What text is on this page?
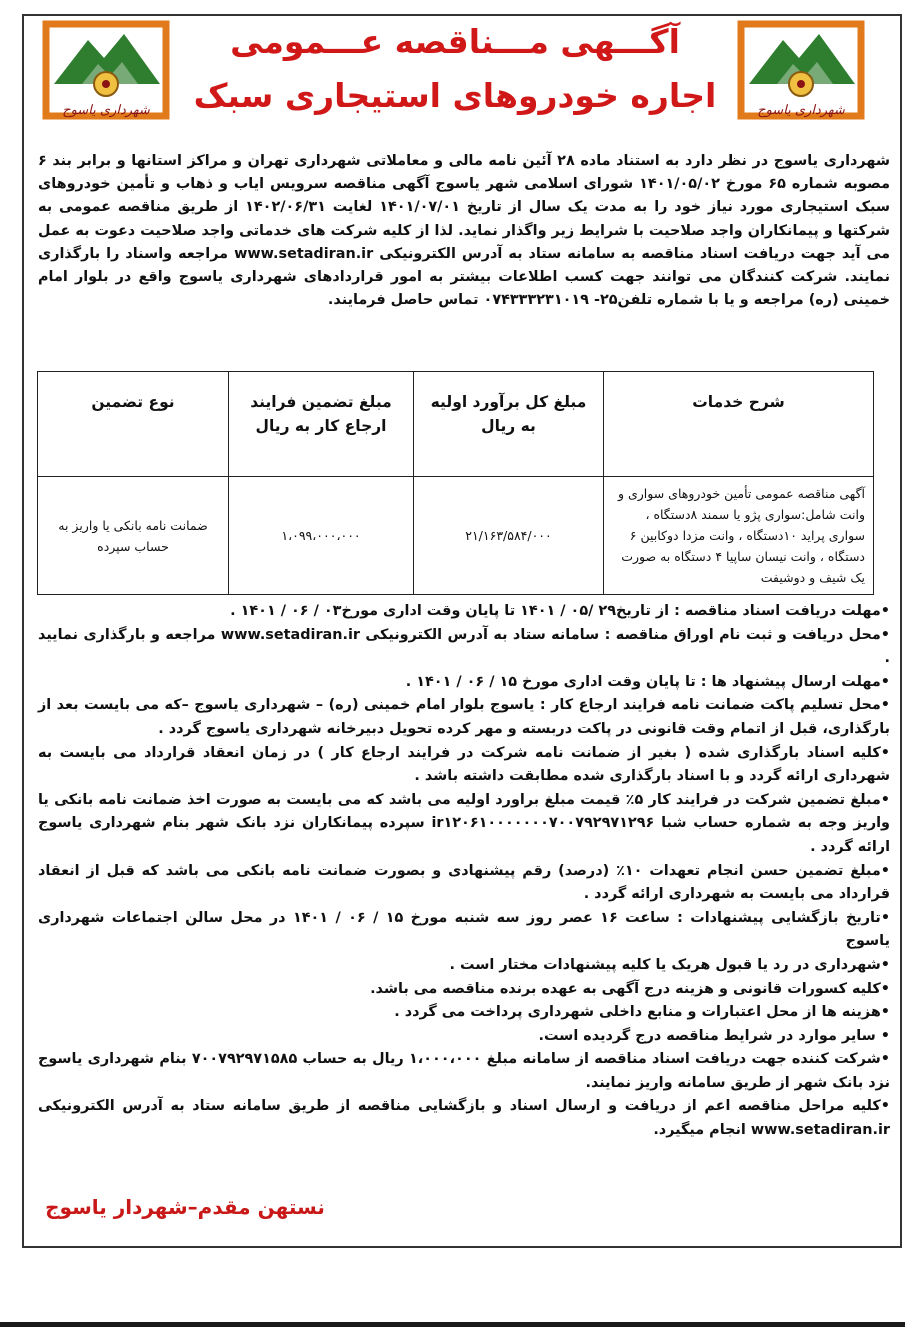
شهرداری یاسوج	شهرداری یاسوج
آگـــهی مـــناقصه عـــمومی
اجاره خودروهای استیجاری سبک

شهرداری یاسوج در نظر دارد به استناد ماده ۲۸ آئین نامه مالی و معاملاتی شهرداری تهران و مراکز استانها و برابر بند ۶ مصوبه شماره ۶۵ مورخ ۱۴۰۱/۰۵/۰۲ شورای اسلامی شهر یاسوج آگهی مناقصه سرویس ایاب و ذهاب و تأمین خودروهای سبک استیجاری مورد نیاز خود را به مدت یک سال از تاریخ ۱۴۰۱/۰۷/۰۱ لغایت ۱۴۰۲/۰۶/۳۱ از طریق مناقصه عمومی به شرکتها و پیمانکاران واجد صلاحیت با شرایط زیر واگذار نماید. لذا از کلیه شرکت های خدماتی واجد صلاحیت دعوت به عمل می آید جهت دریافت اسناد مناقصه به سامانه ستاد به آدرس الکترونیکی www.setadiran.ir مراجعه واسناد را بارگذاری نمایند. شرکت کنندگان می توانند جهت کسب اطلاعات بیشتر به امور قراردادهای شهرداری یاسوج واقع در بلوار امام خمینی (ره) مراجعه و یا با شماره تلفن۲۵- ۰۷۴۳۳۳۲۳۱۰۱۹ تماس حاصل فرمایند.

شرح خدمات	مبلغ کل برآورد اولیه به ریال	مبلغ تضمین فرایند ارجاع کار به ریال	نوع تضمین
آگهی مناقصه عمومی تأمین خودروهای سواری و وانت شامل:سواری پژو یا سمند ۸دستگاه ، سواری پراید ۱۰دستگاه ، وانت مزدا دوکابین ۶ دستگاه ، وانت نیسان ساپیا ۴ دستگاه به صورت یک شیف و دوشیفت	۲۱/۱۶۳/۵۸۴/۰۰۰	۱،۰۹۹،۰۰۰،۰۰۰	ضمانت نامه بانکی یا واریز به حساب سپرده

•مهلت دریافت اسناد مناقصه : از تاریخ۲۹ /۰۵ / ۱۴۰۱ تا پایان وقت اداری مورخ۰۳ / ۰۶ / ۱۴۰۱ .

•محل دریافت و ثبت نام اوراق مناقصه : سامانه ستاد به آدرس الکترونیکی www.setadiran.ir مراجعه و بارگذاری نمایید .

•مهلت ارسال پیشنهاد ها : تا پایان وقت اداری مورخ ۱۵ / ۰۶ / ۱۴۰۱ .

•محل تسلیم پاکت ضمانت نامه فرایند ارجاع کار : یاسوج بلوار امام خمینی (ره) – شهرداری یاسوج –که می بایست بعد از بارگذاری، قبل از اتمام وقت قانونی در پاکت دربسته و مهر کرده تحویل دبیرخانه شهرداری یاسوج گردد .

•کلیه اسناد بارگذاری شده ( بغیر از ضمانت نامه شرکت در فرایند ارجاع کار ) در زمان انعقاد قرارداد می بایست به شهرداری ارائه گردد و با اسناد بارگذاری شده مطابقت داشته باشد .

•مبلغ تضمین شرکت در فرایند کار ۵٪ قیمت مبلغ براورد اولیه می باشد که می بایست به صورت اخذ ضمانت نامه بانکی یا واریز وجه به شماره حساب شبا ir۱۲۰۶۱۰۰۰۰۰۰۰۷۰۰۷۹۲۹۷۱۲۹۶ سپرده پیمانکاران نزد بانک شهر بنام شهرداری یاسوج ارائه گردد .

•مبلغ تضمین حسن انجام تعهدات ۱۰٪ (درصد) رقم پیشنهادی و بصورت ضمانت نامه بانکی می باشد که قبل از انعقاد قرارداد می بایست به شهرداری ارائه گردد .

•تاریخ بازگشایی پیشنهادات : ساعت ۱۶ عصر روز سه شنبه مورخ ۱۵ / ۰۶ / ۱۴۰۱ در محل سالن اجتماعات شهرداری یاسوج

•شهرداری در رد یا قبول هریک یا کلیه پیشنهادات مختار است .

•کلیه کسورات قانونی و هزینه درج آگهی به عهده برنده مناقصه می باشد.

•هزینه ها از محل اعتبارات و منابع داخلی شهرداری پرداخت می گردد .

• سایر موارد در شرایط مناقصه درج گردیده است.

•شرکت کننده جهت دریافت اسناد مناقصه از سامانه مبلغ ۱،۰۰۰،۰۰۰ ریال به حساب ۷۰۰۷۹۲۹۷۱۵۸۵ بنام شهرداری یاسوج نزد بانک شهر از طریق سامانه واریز نمایند.

•کلیه مراحل مناقصه اعم از دریافت و ارسال اسناد و بازگشایی مناقصه از طریق سامانه ستاد به آدرس الکترونیکی www.setadiran.ir انجام میگیرد.

نستهن مقدم–شهردار یاسوج
